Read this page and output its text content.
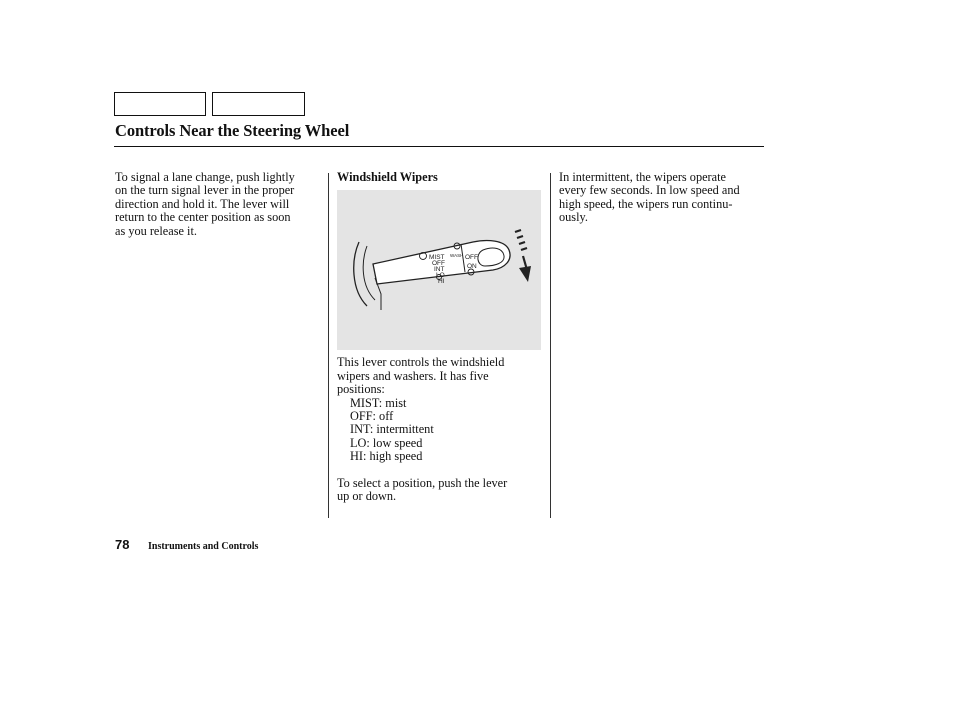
Controls Near the Steering Wheel
To signal a lane change, push lightly
on the turn signal lever in the proper
direction and hold it. The lever will
return to the center position as soon
as you release it.
Windshield Wipers
MIST
OFF
INT
LO
HI
WASH OFF
ON
This lever controls the windshield
wipers and washers. It has five
positions:
MIST: mist
OFF: off
INT: intermittent
LO: low speed
HI: high speed
To select a position, push the lever
up or down.
In intermittent, the wipers operate
every few seconds. In low speed and
high speed, the wipers run continu-
ously.
78 Instruments and Controls
